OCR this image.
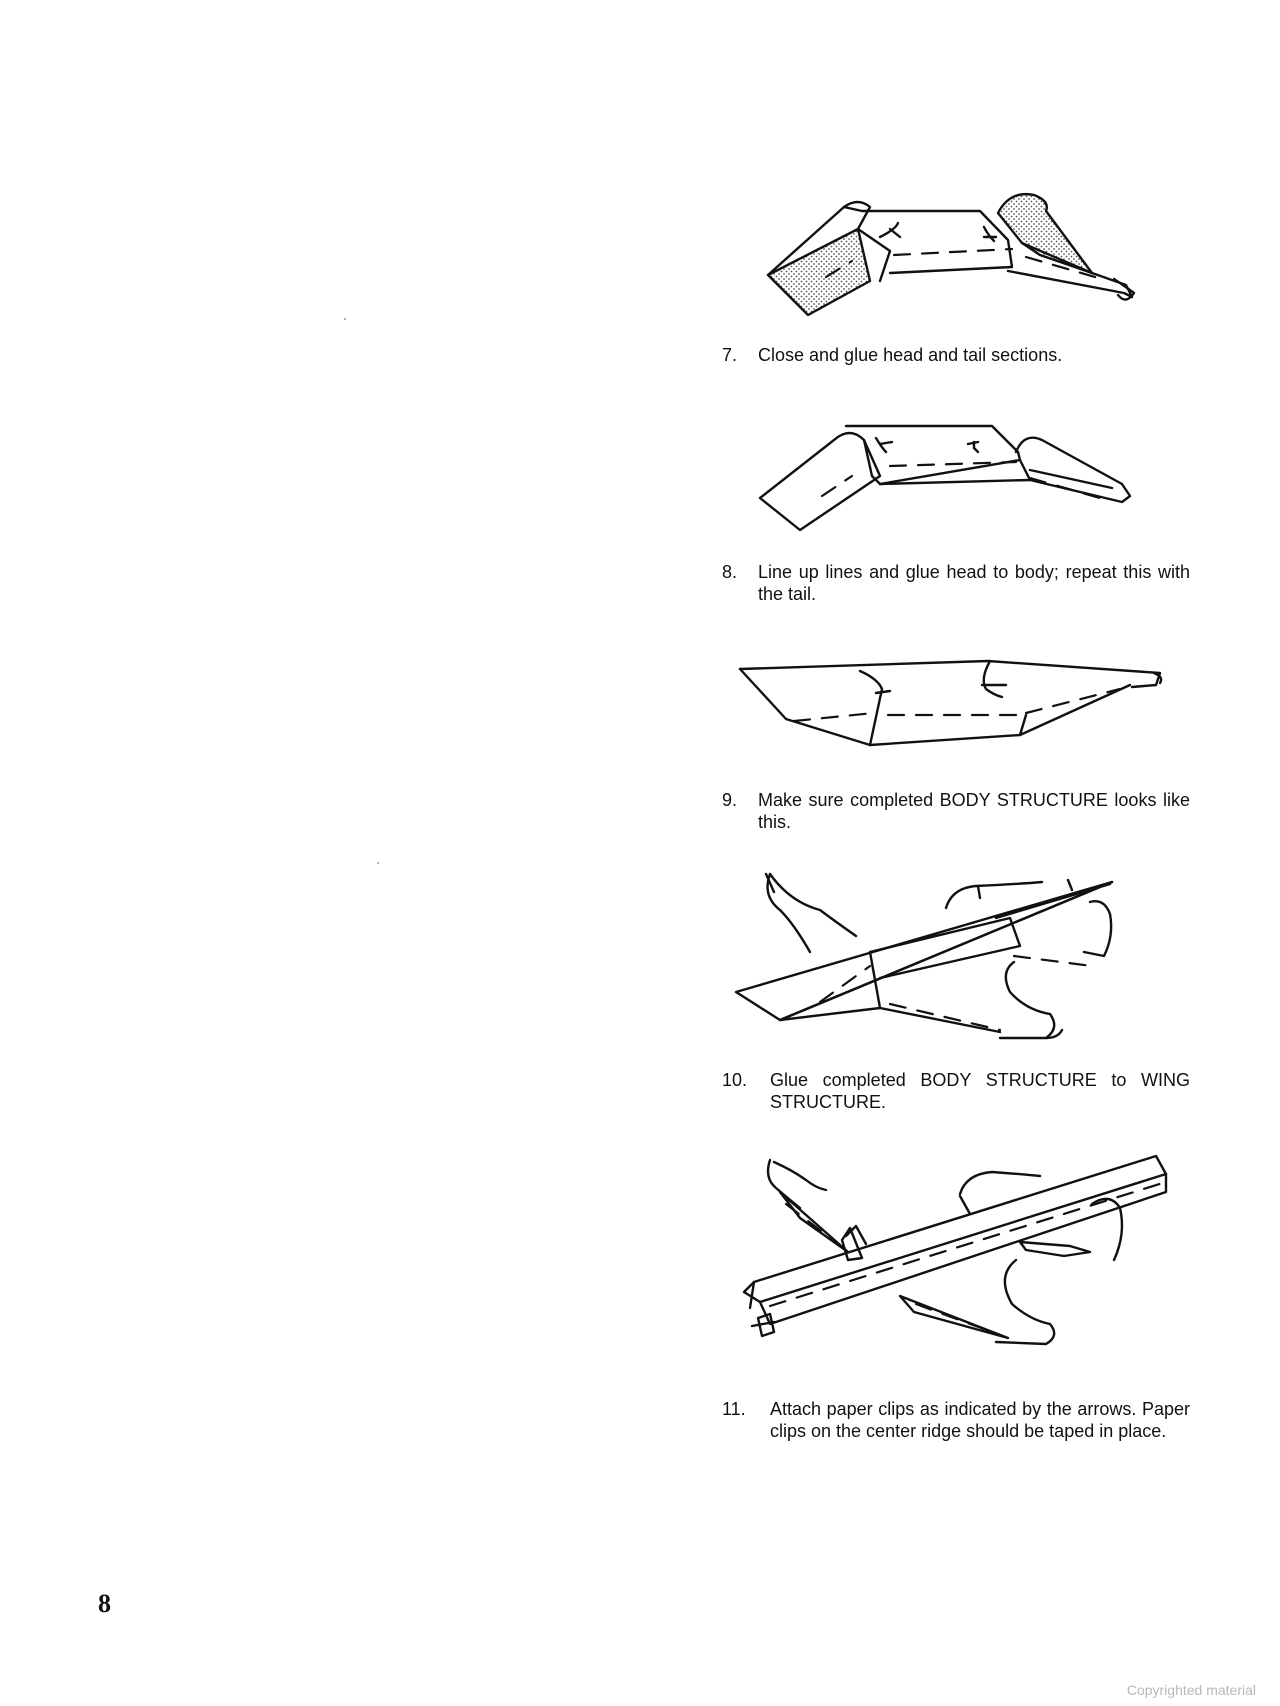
7.	Close and glue head and tail sections.
8.	Line up lines and glue head to body; repeat this with the tail.
9.	Make sure completed BODY STRUCTURE looks like this.
10.	Glue completed BODY STRUCTURE to WING STRUCTURE.
11.	Attach paper clips as indicated by the arrows. Paper clips on the center ridge should be taped in place.
8
Copyrighted material
